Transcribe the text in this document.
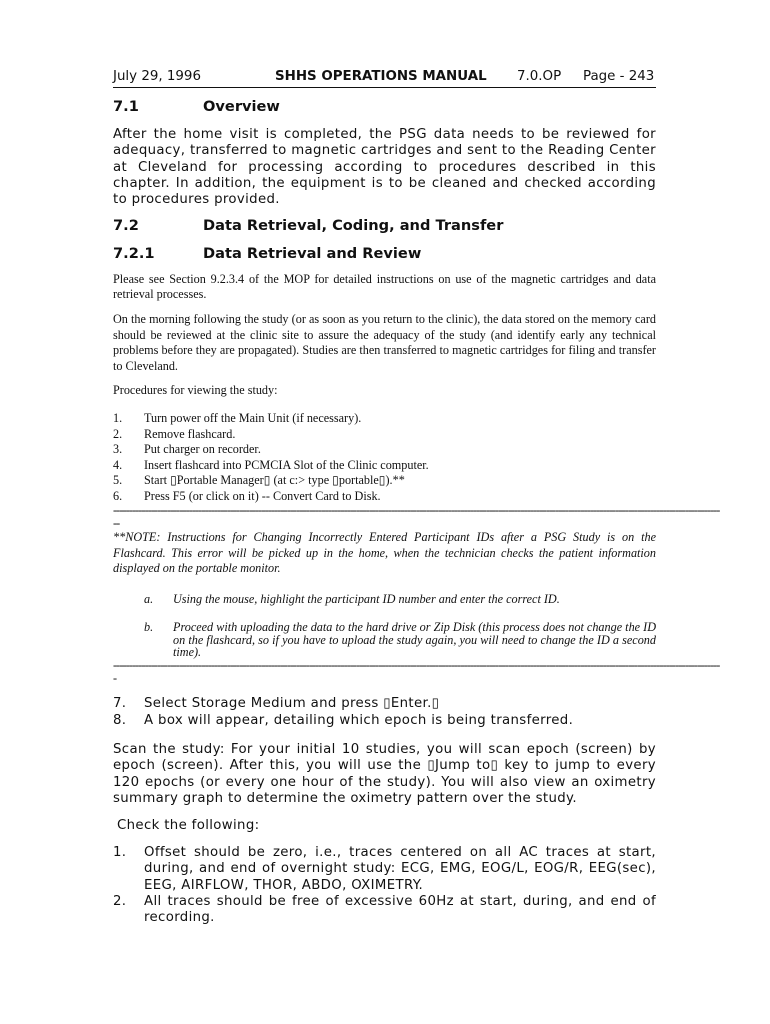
July 29, 1996	SHHS OPERATIONS MANUAL 7.0.OP Page - 243
7.1	Overview
After the home visit is completed, the PSG data needs to be reviewed for adequacy, transferred to magnetic cartridges and sent to the Reading Center at Cleveland for processing according to procedures described in this chapter. In addition, the equipment is to be cleaned and checked according to procedures provided.
7.2	Data Retrieval, Coding, and Transfer
7.2.1	Data Retrieval and Review
Please see Section 9.2.3.4 of the MOP for detailed instructions on use of the magnetic cartridges and data retrieval processes.
On the morning following the study (or as soon as you return to the clinic), the data stored on the memory card should be reviewed at the clinic site to assure the adequacy of the study (and identify early any technical problems before they are propagated). Studies are then transferred to magnetic cartridges for filing and transfer to Cleveland.
Procedures for viewing the study:
1. Turn power off the Main Unit (if necessary).
2. Remove flashcard.
3. Put charger on recorder.
4. Insert flashcard into PCMCIA Slot of the Clinic computer.
5. Start ▯Portable Manager▯ (at c:> type ▯portable▯).**
6. Press F5 (or click on it) -- Convert Card to Disk.
------------------------------------------------------------------------------------------------------------------------------------------------------------------------------------------------
--
**NOTE: Instructions for Changing Incorrectly Entered Participant IDs after a PSG Study is on the Flashcard. This error will be picked up in the home, when the technician checks the patient information displayed on the portable monitor.
a. Using the mouse, highlight the participant ID number and enter the correct ID.
b. Proceed with uploading the data to the hard drive or Zip Disk (this process does not change the ID on the flashcard, so if you have to upload the study again, you will need to change the ID a second time).
------------------------------------------------------------------------------------------------------------------------------------------------------------------------------------------------
-
7. Select Storage Medium and press ▯Enter.▯
8. A box will appear, detailing which epoch is being transferred.
Scan the study: For your initial 10 studies, you will scan epoch (screen) by epoch (screen). After this, you will use the ▯Jump to▯ key to jump to every 120 epochs (or every one hour of the study). You will also view an oximetry summary graph to determine the oximetry pattern over the study.
Check the following:
1. Offset should be zero, i.e., traces centered on all AC traces at start, during, and end of overnight study: ECG, EMG, EOG/L, EOG/R, EEG(sec), EEG, AIRFLOW, THOR, ABDO, OXIMETRY.
2. All traces should be free of excessive 60Hz at start, during, and end of recording.
